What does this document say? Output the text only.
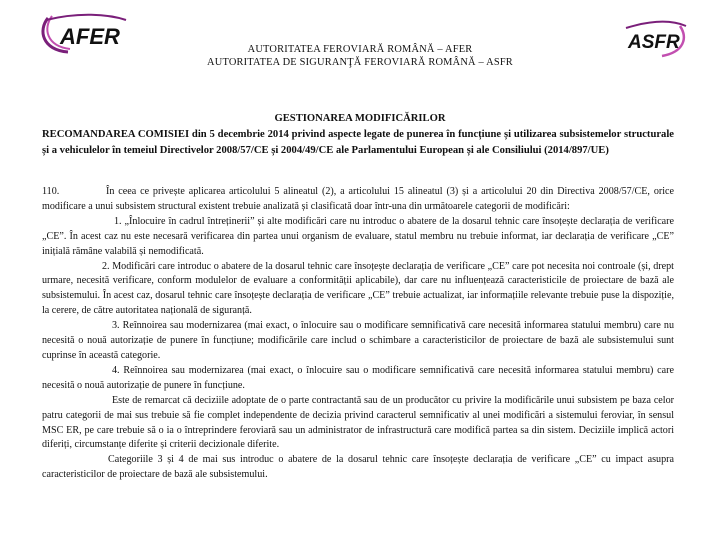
AFER	ASFR
AUTORITATEA FEROVIARĂ ROMÂNĂ – AFER
AUTORITATEA DE SIGURANŢĂ FEROVIARĂ ROMÂNĂ – ASFR
GESTIONAREA MODIFICĂRILOR
RECOMANDAREA COMISIEI din 5 decembrie 2014 privind aspecte legate de punerea în funcțiune și utilizarea subsistemelor structurale și a vehiculelor în temeiul Directivelor 2008/57/CE și 2004/49/CE ale Parlamentului European și ale Consiliului (2014/897/UE)

110.	În ceea ce privește aplicarea articolului 5 alineatul (2), a articolului 15 alineatul (3) și a articolului 20 din Directiva 2008/57/CE, orice modificare a unui subsistem structural existent trebuie analizată și clasificată doar într-una din următoarele categorii de modificări:

1. „Înlocuire în cadrul întreținerii” și alte modificări care nu introduc o abatere de la dosarul tehnic care însoțește declarația de verificare „CE”. În acest caz nu este necesară verificarea din partea unui organism de evaluare, statul membru nu trebuie informat, iar declarația de verificare „CE” inițială rămâne valabilă și nemodificată.

2. Modificări care introduc o abatere de la dosarul tehnic care însoțește declarația de verificare „CE” care pot necesita noi controale (și, drept urmare, necesită verificare, conform modulelor de evaluare a conformității aplicabile), dar care nu influențează caracteristicile de proiectare de bază ale subsistemului. În acest caz, dosarul tehnic care însoțește declarația de verificare „CE” trebuie actualizat, iar informațiile relevante trebuie puse la dispoziție, la cerere, de către autoritatea națională de siguranță.

3. Reînnoirea sau modernizarea (mai exact, o înlocuire sau o modificare semnificativă care necesită informarea statului membru) care nu necesită o nouă autorizație de punere în funcțiune; modificările care includ o schimbare a caracteristicilor de proiectare de bază ale subsistemului sunt cuprinse în această categorie.

4. Reînnoirea sau modernizarea (mai exact, o înlocuire sau o modificare semnificativă care necesită informarea statului membru) care necesită o nouă autorizație de punere în funcțiune.

Este de remarcat că deciziile adoptate de o parte contractantă sau de un producător cu privire la modificările unui subsistem pe baza celor patru categorii de mai sus trebuie să fie complet independente de decizia privind caracterul semnificativ al unei modificări a sistemului feroviar, în sensul MSC ER, pe care trebuie să o ia o întreprindere feroviară sau un administrator de infrastructură care modifică partea sa din sistem. Deciziile implică actori diferiți, circumstanțe diferite și criterii decizionale diferite.

Categoriile 3 și 4 de mai sus introduc o abatere de la dosarul tehnic care însoțește declarația de verificare „CE” cu impact asupra caracteristicilor de proiectare de bază ale subsistemului.
